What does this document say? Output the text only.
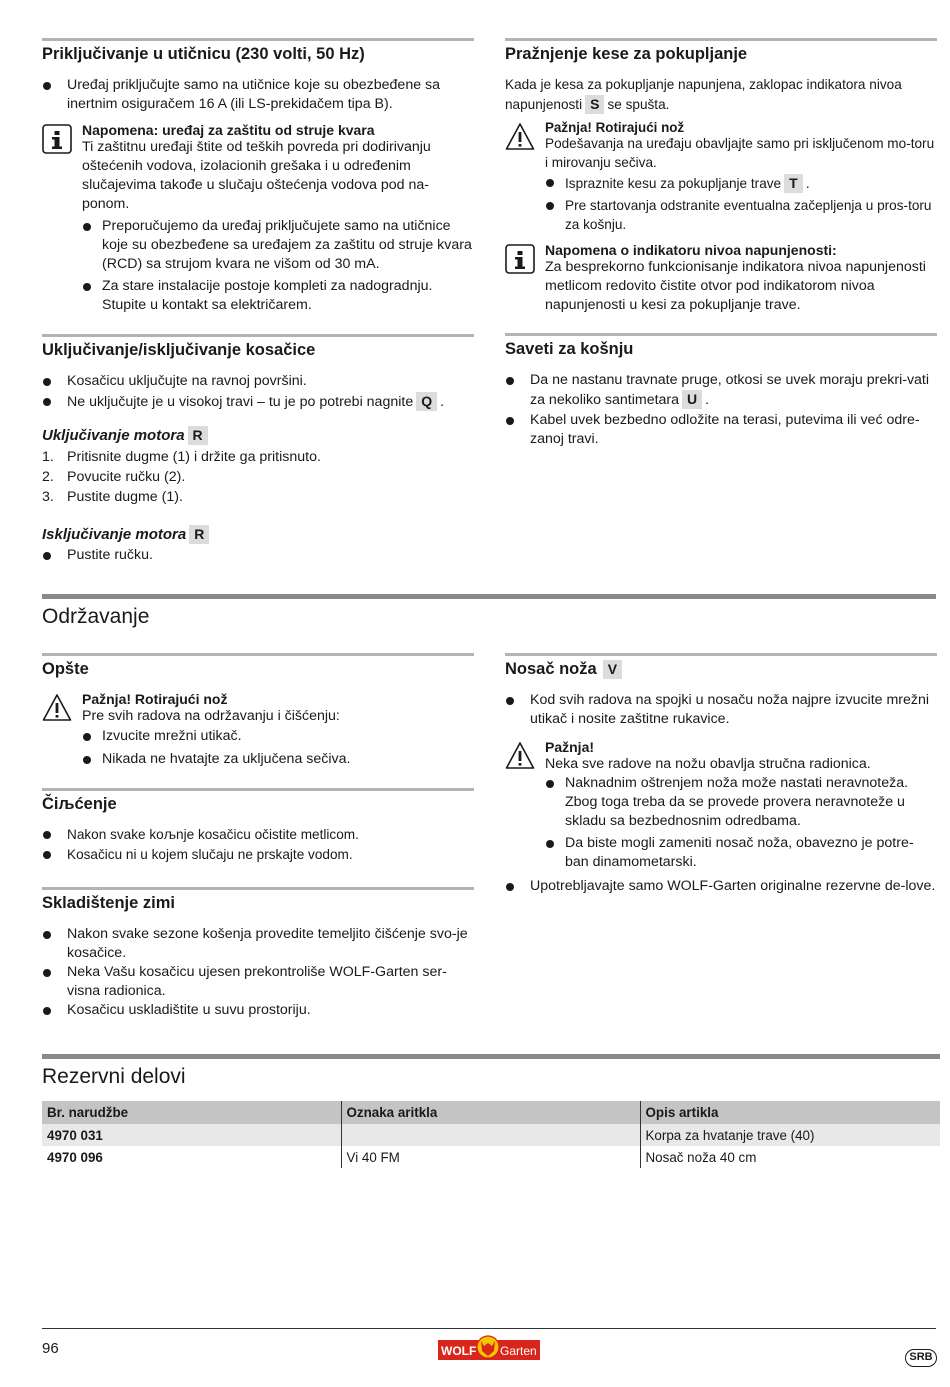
Priključivanje u utičnicu (230 volti, 50 Hz)
Uređaj priključujte samo na utičnice koje su obezbeđene sa inertnim osiguračem 16 A (ili LS-prekidačem tipa B).
Napomena: uređaj za zaštitu od struje kvara
Ti zaštitnu uređaji štite od teških povreda pri dodirivanju oštećenih vodova, izolacionih grešaka i u određenim slučajevima takođe u slučaju oštećenja vodova pod na-ponom.
Preporučujemo da uređaj priključujete samo na utičnice koje su obezbeđene sa uređajem za zaštitu od struje kvara (RCD) sa strujom kvara ne višom od 30 mA.
Za stare instalacije postoje kompleti za nadogradnju. Stupite u kontakt sa električarem.
Uključivanje/isključivanje kosačice
Kosačicu uključujte na ravnoj površini.
Ne uključujte je u visokoj travi – tu je po potrebi nagnite Q .
Uključivanje motora R
1. Pritisnite dugme (1) i držite ga pritisnuto.
2. Povucite ručku (2).
3. Pustite dugme (1).
Isključivanje motora R
Pustite ručku.
Pražnjenje kese za pokupljanje
Kada je kesa za pokupljanje napunjena, zaklopac indikatora nivoa napunjenosti S se spušta.
Pažnja! Rotirajući nož
Podešavanja na uređaju obavljajte samo pri isključenom mo-toru i mirovanju sečiva.
Ispraznite kesu za pokupljanje trave T .
Pre startovanja odstranite eventualna začepljenja u pros-toru za košnju.
Napomena o indikatoru nivoa napunjenosti:
Za besprekorno funkcionisanje indikatora nivoa napunjenosti metlicom redovito čistite otvor pod indikatorom nivoa napunjenosti u kesi za pokupljanje trave.
Saveti za košnju
Da ne nastanu travnate pruge, otkosi se uvek moraju prekri-vati za nekoliko santimetara U .
Kabel uvek bezbedno odložite na terasi, putevima ili već odre-zanoj travi.
Održavanje
Opšte
Pažnja! Rotirajući nož
Pre svih radova na održavanju i čišćenju:
Izvucite mrežni utikač.
Nikada ne hvatajte za uključena sečiva.
Čiљćenje
Nakon svake koљnje kosačicu očistite metlicom.
Kosačicu ni u kojem slučaju ne prskajte vodom.
Skladištenje zimi
Nakon svake sezone košenja provedite temeljito čišćenje svo-je kosačice.
Neka Vašu kosačicu ujesen prekontroliše WOLF-Garten ser-visna radionica.
Kosačicu uskladištite u suvu prostoriju.
Nosač noža V
Kod svih radova na spojki u nosaču noža najpre izvucite mrežni utikač i nosite zaštitne rukavice.
Pažnja!
Neka sve radove na nožu obavlja stručna radionica.
Naknadnim oštrenjem noža može nastati neravnoteža. Zbog toga treba da se provede provera neravnoteže u skladu sa bezbednosnim odredbama.
Da biste mogli zameniti nosač noža, obavezno je potre-ban dinamometarski.
Upotrebljavajte samo WOLF-Garten originalne rezervne de-love.
Rezervni delovi
Br. narudžbe	Oznaka aritkla	Opis artikla
4970 031		Korpa za hvatanje trave (40)
4970 096	Vi 40 FM	Nosač noža 40 cm
96	WOLF Garten	SRB
